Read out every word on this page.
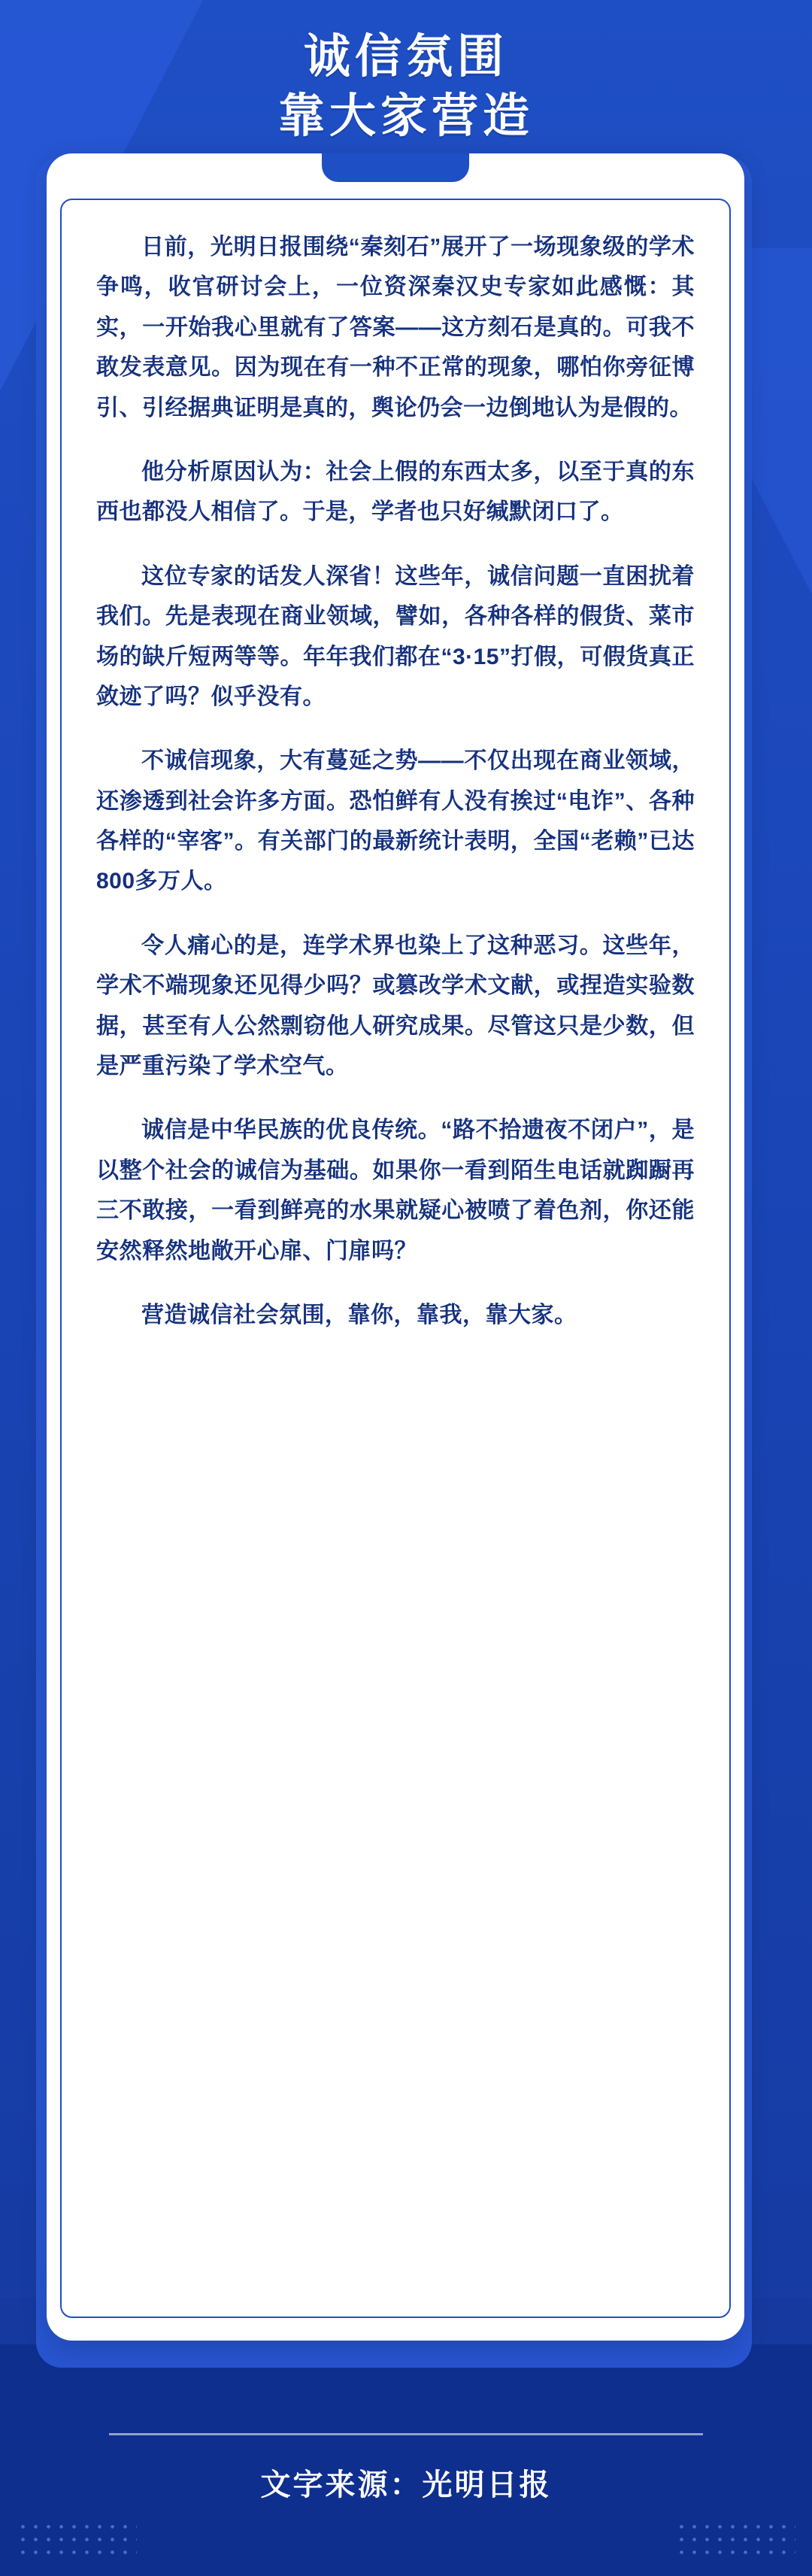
诚信氛围
靠大家营造

日前，光明日报围绕“秦刻石”展开了一场现象级的学术争鸣，收官研讨会上，一位资深秦汉史专家如此感慨：其实，一开始我心里就有了答案——这方刻石是真的。可我不敢发表意见。因为现在有一种不正常的现象，哪怕你旁征博引、引经据典证明是真的，舆论仍会一边倒地认为是假的。

他分析原因认为：社会上假的东西太多，以至于真的东西也都没人相信了。于是，学者也只好缄默闭口了。

这位专家的话发人深省！这些年，诚信问题一直困扰着我们。先是表现在商业领域，譬如，各种各样的假货、菜市场的缺斤短两等等。年年我们都在“3·15”打假，可假货真正敛迹了吗？似乎没有。

不诚信现象，大有蔓延之势——不仅出现在商业领域，还渗透到社会许多方面。恐怕鲜有人没有挨过“电诈”、各种各样的“宰客”。有关部门的最新统计表明，全国“老赖”已达800多万人。

令人痛心的是，连学术界也染上了这种恶习。这些年，学术不端现象还见得少吗？或篡改学术文献，或捏造实验数据，甚至有人公然剽窃他人研究成果。尽管这只是少数，但是严重污染了学术空气。

诚信是中华民族的优良传统。“路不拾遗夜不闭户”，是以整个社会的诚信为基础。如果你一看到陌生电话就踟蹰再三不敢接，一看到鲜亮的水果就疑心被喷了着色剂，你还能安然释然地敞开心扉、门扉吗？

营造诚信社会氛围，靠你，靠我，靠大家。

文字来源：光明日报
